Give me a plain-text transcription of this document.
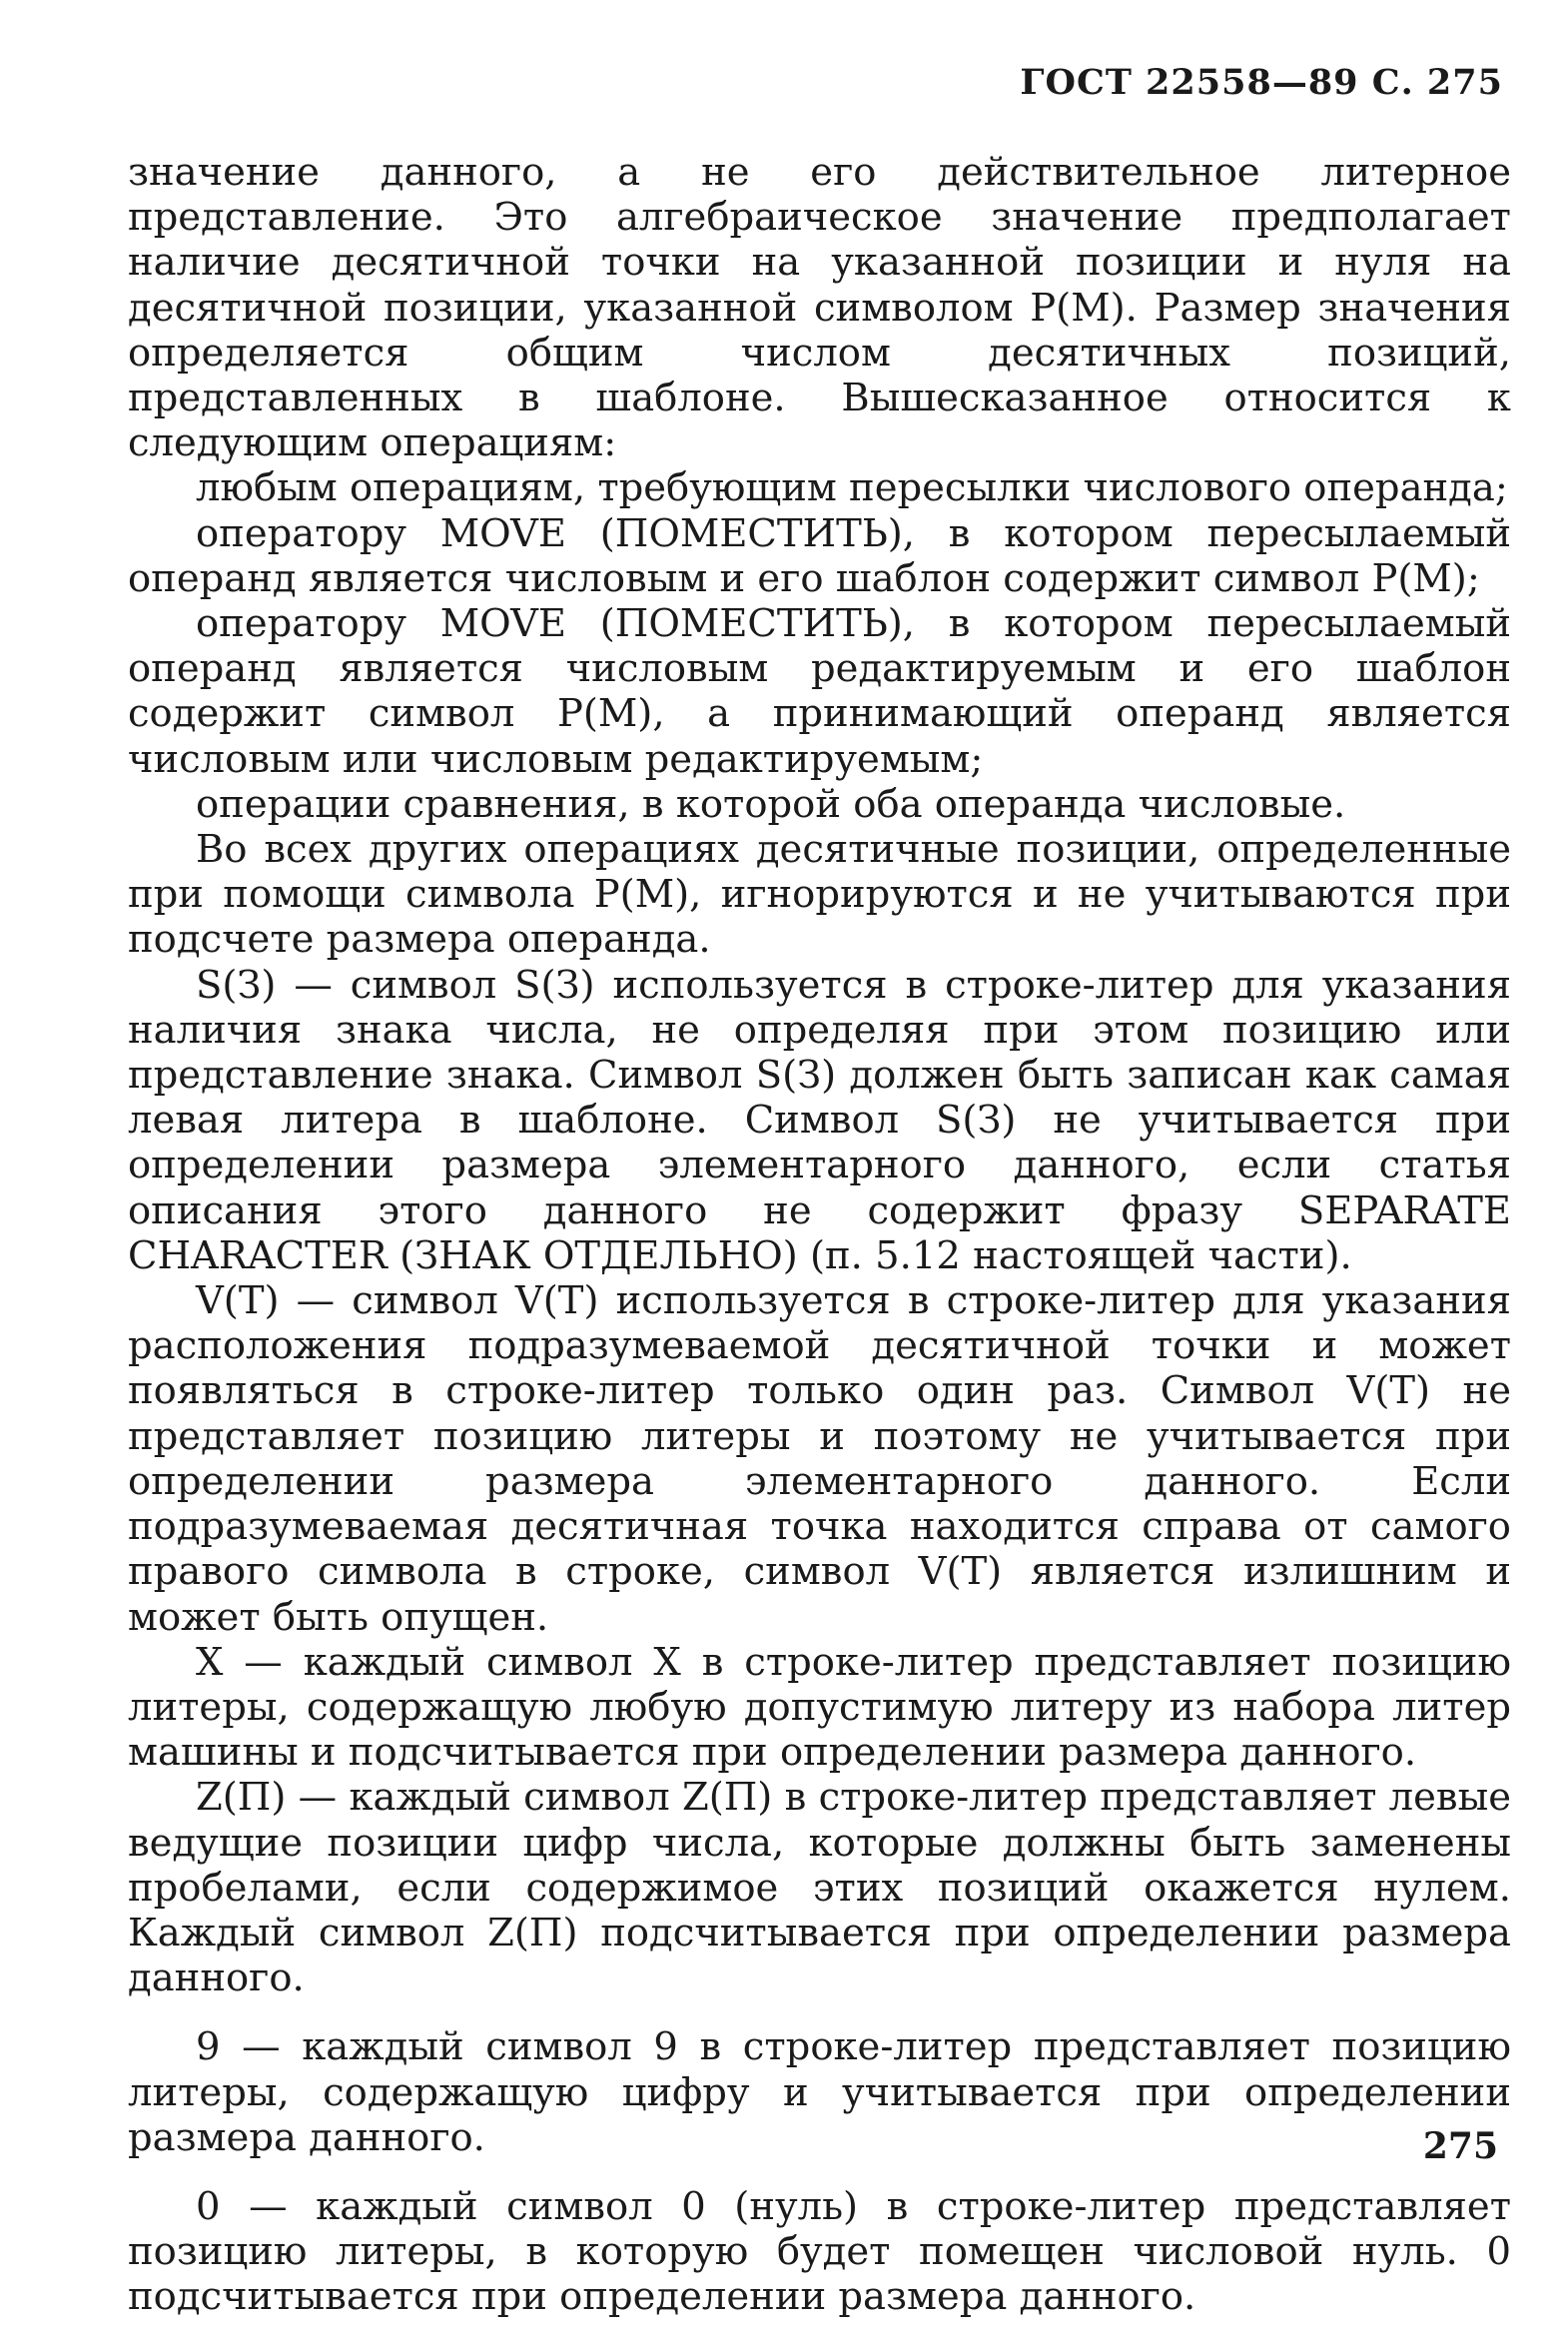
ГОСТ 22558—89 С. 275

значение данного, а не его действительное литерное представление. Это алгебраическое значение предполагает наличие десятичной точки на указанной позиции и нуля на десятичной позиции, указанной символом Р(М). Размер значения определяется общим числом десятичных позиций, представленных в шаблоне. Вышесказанное относится к следующим операциям:

любым операциям, требующим пересылки числового операнда;

оператору MOVE (ПОМЕСТИТЬ), в котором пересылаемый операнд является числовым и его шаблон содержит символ Р(М);

оператору MOVE (ПОМЕСТИТЬ), в котором пересылаемый операнд является числовым редактируемым и его шаблон содержит символ Р(М), а принимающий операнд является числовым или числовым редактируемым;

операции сравнения, в которой оба операнда числовые.

Во всех других операциях десятичные позиции, определенные при помощи символа Р(М), игнорируются и не учитываются при подсчете размера операнда.

S(З) — символ S(З) используется в строке-литер для указания наличия знака числа, не определяя при этом позицию или представление знака. Символ S(З) должен быть записан как самая левая литера в шаблоне. Символ S(З) не учитывается при определении размера элементарного данного, если статья описания этого данного не содержит фразу SEPARATE CHARACTER (ЗНАК ОТДЕЛЬНО) (п. 5.12 настоящей части).

V(Т) — символ V(Т) используется в строке-литер для указания расположения подразумеваемой десятичной точки и может появляться в строке-литер только один раз. Символ V(Т) не представляет позицию литеры и поэтому не учитывается при определении размера элементарного данного. Если подразумеваемая десятичная точка находится справа от самого правого символа в строке, символ V(Т) является излишним и может быть опущен.

X — каждый символ X в строке-литер представляет позицию литеры, содержащую любую допустимую литеру из набора литер машины и подсчитывается при определении размера данного.

Z(П) — каждый символ Z(П) в строке-литер представляет левые ведущие позиции цифр числа, которые должны быть заменены пробелами, если содержимое этих позиций окажется нулем. Каждый символ Z(П) подсчитывается при определении размера данного.

9 — каждый символ 9 в строке-литер представляет позицию литеры, содержащую цифру и учитывается при определении размера данного.

0 — каждый символ 0 (нуль) в строке-литер представляет позицию литеры, в которую будет помещен числовой нуль. 0 подсчитывается при определении размера данного.

275
